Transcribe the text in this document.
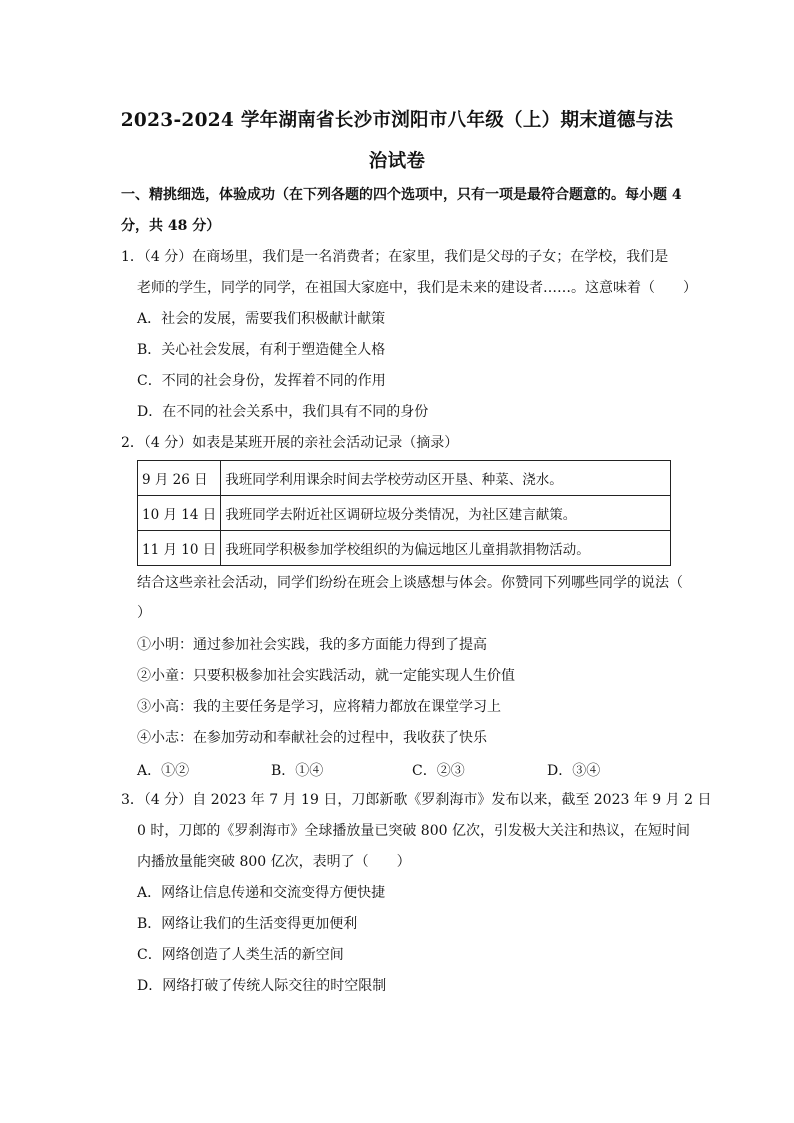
2023-2024 学年湖南省长沙市浏阳市八年级（上）期末道德与法
治试卷
一、精挑细选，体验成功（在下列各题的四个选项中，只有一项是最符合题意的。每小题 4
分，共 48 分）
1．（4 分）在商场里，我们是一名消费者；在家里，我们是父母的子女；在学校，我们是
老师的学生，同学的同学，在祖国大家庭中，我们是未来的建设者……。这意味着（　　）
A．社会的发展，需要我们积极献计献策
B．关心社会发展，有利于塑造健全人格
C．不同的社会身份，发挥着不同的作用
D．在不同的社会关系中，我们具有不同的身份
2．（4 分）如表是某班开展的亲社会活动记录（摘录）
9 月 26 日	我班同学利用课余时间去学校劳动区开垦、种菜、浇水。
10 月 14 日	我班同学去附近社区调研垃圾分类情况，为社区建言献策。
11 月 10 日	我班同学积极参加学校组织的为偏远地区儿童捐款捐物活动。
结合这些亲社会活动，同学们纷纷在班会上谈感想与体会。你赞同下列哪些同学的说法（
）
①小明：通过参加社会实践，我的多方面能力得到了提高
②小童：只要积极参加社会实践活动，就一定能实现人生价值
③小高：我的主要任务是学习，应将精力都放在课堂学习上
④小志：在参加劳动和奉献社会的过程中，我收获了快乐
A．①②	B．①④	C．②③	D．③④
3．（4 分）自 2023 年 7 月 19 日，刀郎新歌《罗刹海市》发布以来，截至 2023 年 9 月 2 日
0 时，刀郎的《罗刹海市》全球播放量已突破 800 亿次，引发极大关注和热议，在短时间
内播放量能突破 800 亿次，表明了（　　）
A．网络让信息传递和交流变得方便快捷
B．网络让我们的生活变得更加便利
C．网络创造了人类生活的新空间
D．网络打破了传统人际交往的时空限制
